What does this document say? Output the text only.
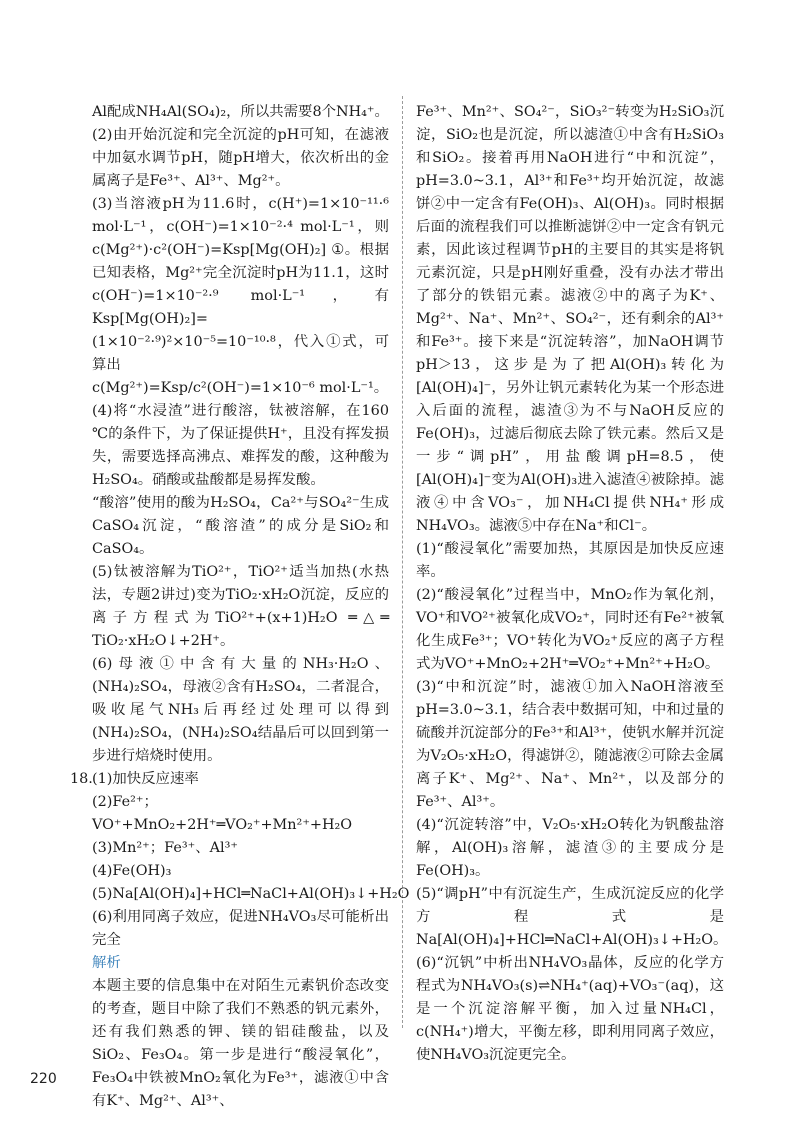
Al配成NH₄Al(SO₄)₂，所以共需要8个NH₄⁺。

(2)由开始沉淀和完全沉淀的pH可知，在滤液中加氨水调节pH，随pH增大，依次析出的金属离子是Fe³⁺、Al³⁺、Mg²⁺。

(3)当溶液pH为11.6时，c(H⁺)=1×10⁻¹¹·⁶ mol·L⁻¹，c(OH⁻)=1×10⁻²·⁴ mol·L⁻¹，则c(Mg²⁺)·c²(OH⁻)=Ksp[Mg(OH)₂] ①。根据已知表格，Mg²⁺完全沉淀时pH为11.1，这时c(OH⁻)=1×10⁻²·⁹ mol·L⁻¹，有Ksp[Mg(OH)₂]=(1×10⁻²·⁹)²×10⁻⁵=10⁻¹⁰·⁸，代入①式，可算出

c(Mg²⁺)=Ksp/c²(OH⁻)=1×10⁻⁶ mol·L⁻¹。

(4)将“水浸渣”进行酸溶，钛被溶解，在160 ℃的条件下，为了保证提供H⁺，且没有挥发损失，需要选择高沸点、难挥发的酸，这种酸为H₂SO₄。硝酸或盐酸都是易挥发酸。

“酸溶”使用的酸为H₂SO₄，Ca²⁺与SO₄²⁻生成CaSO₄沉淀，“酸溶渣”的成分是SiO₂和CaSO₄。

(5)钛被溶解为TiO²⁺，TiO²⁺适当加热(水热法，专题2讲过)变为TiO₂·xH₂O沉淀，反应的离子方程式为TiO²⁺+(x+1)H₂O ═△═ TiO₂·xH₂O↓+2H⁺。

(6)母液①中含有大量的NH₃·H₂O、(NH₄)₂SO₄，母液②含有H₂SO₄，二者混合，吸收尾气NH₃后再经过处理可以得到(NH₄)₂SO₄，(NH₄)₂SO₄结晶后可以回到第一步进行焙烧时使用。

18. (1)加快反应速率

(2)Fe²⁺；VO⁺+MnO₂+2H⁺═VO₂⁺+Mn²⁺+H₂O

(3)Mn²⁺；Fe³⁺、Al³⁺

(4)Fe(OH)₃

(5)Na[Al(OH)₄]+HCl═NaCl+Al(OH)₃↓+H₂O

(6)利用同离子效应，促进NH₄VO₃尽可能析出完全

解析

本题主要的信息集中在对陌生元素钒价态改变的考查，题目中除了我们不熟悉的钒元素外，还有我们熟悉的钾、镁的铝硅酸盐，以及SiO₂、Fe₃O₄。第一步是进行“酸浸氧化”，Fe₃O₄中铁被MnO₂氧化为Fe³⁺，滤液①中含有K⁺、Mg²⁺、Al³⁺、

Fe³⁺、Mn²⁺、SO₄²⁻，SiO₃²⁻转变为H₂SiO₃沉淀，SiO₂也是沉淀，所以滤渣①中含有H₂SiO₃和SiO₂。接着再用NaOH进行“中和沉淀”，pH=3.0~3.1，Al³⁺和Fe³⁺均开始沉淀，故滤饼②中一定含有Fe(OH)₃、Al(OH)₃。同时根据后面的流程我们可以推断滤饼②中一定含有钒元素，因此该过程调节pH的主要目的其实是将钒元素沉淀，只是pH刚好重叠，没有办法才带出了部分的铁铝元素。滤液②中的离子为K⁺、Mg²⁺、Na⁺、Mn²⁺、SO₄²⁻，还有剩余的Al³⁺和Fe³⁺。接下来是“沉淀转溶”，加NaOH调节pH＞13，这步是为了把Al(OH)₃转化为[Al(OH)₄]⁻，另外让钒元素转化为某一个形态进入后面的流程，滤渣③为不与NaOH反应的Fe(OH)₃，过滤后彻底去除了铁元素。然后又是一步“调pH”，用盐酸调pH=8.5，使[Al(OH)₄]⁻变为Al(OH)₃进入滤渣④被除掉。滤液④中含VO₃⁻，加NH₄Cl提供NH₄⁺形成NH₄VO₃。滤液⑤中存在Na⁺和Cl⁻。

(1)“酸浸氧化”需要加热，其原因是加快反应速率。

(2)“酸浸氧化”过程当中，MnO₂作为氧化剂，VO⁺和VO²⁺被氧化成VO₂⁺，同时还有Fe²⁺被氧化生成Fe³⁺；VO⁺转化为VO₂⁺反应的离子方程式为VO⁺+MnO₂+2H⁺═VO₂⁺+Mn²⁺+H₂O。

(3)“中和沉淀”时，滤液①加入NaOH溶液至pH=3.0~3.1，结合表中数据可知，中和过量的硫酸并沉淀部分的Fe³⁺和Al³⁺，使钒水解并沉淀为V₂O₅·xH₂O，得滤饼②，随滤液②可除去金属离子K⁺、Mg²⁺、Na⁺、Mn²⁺，以及部分的Fe³⁺、Al³⁺。

(4)“沉淀转溶”中，V₂O₅·xH₂O转化为钒酸盐溶解，Al(OH)₃溶解，滤渣③的主要成分是Fe(OH)₃。

(5)“调pH”中有沉淀生产，生成沉淀反应的化学方程式是Na[Al(OH)₄]+HCl═NaCl+Al(OH)₃↓+H₂O。

(6)“沉钒”中析出NH₄VO₃晶体，反应的化学方程式为NH₄VO₃(s)⇌NH₄⁺(aq)+VO₃⁻(aq)，这是一个沉淀溶解平衡，加入过量NH₄Cl，c(NH₄⁺)增大，平衡左移，即利用同离子效应，使NH₄VO₃沉淀更完全。

220
